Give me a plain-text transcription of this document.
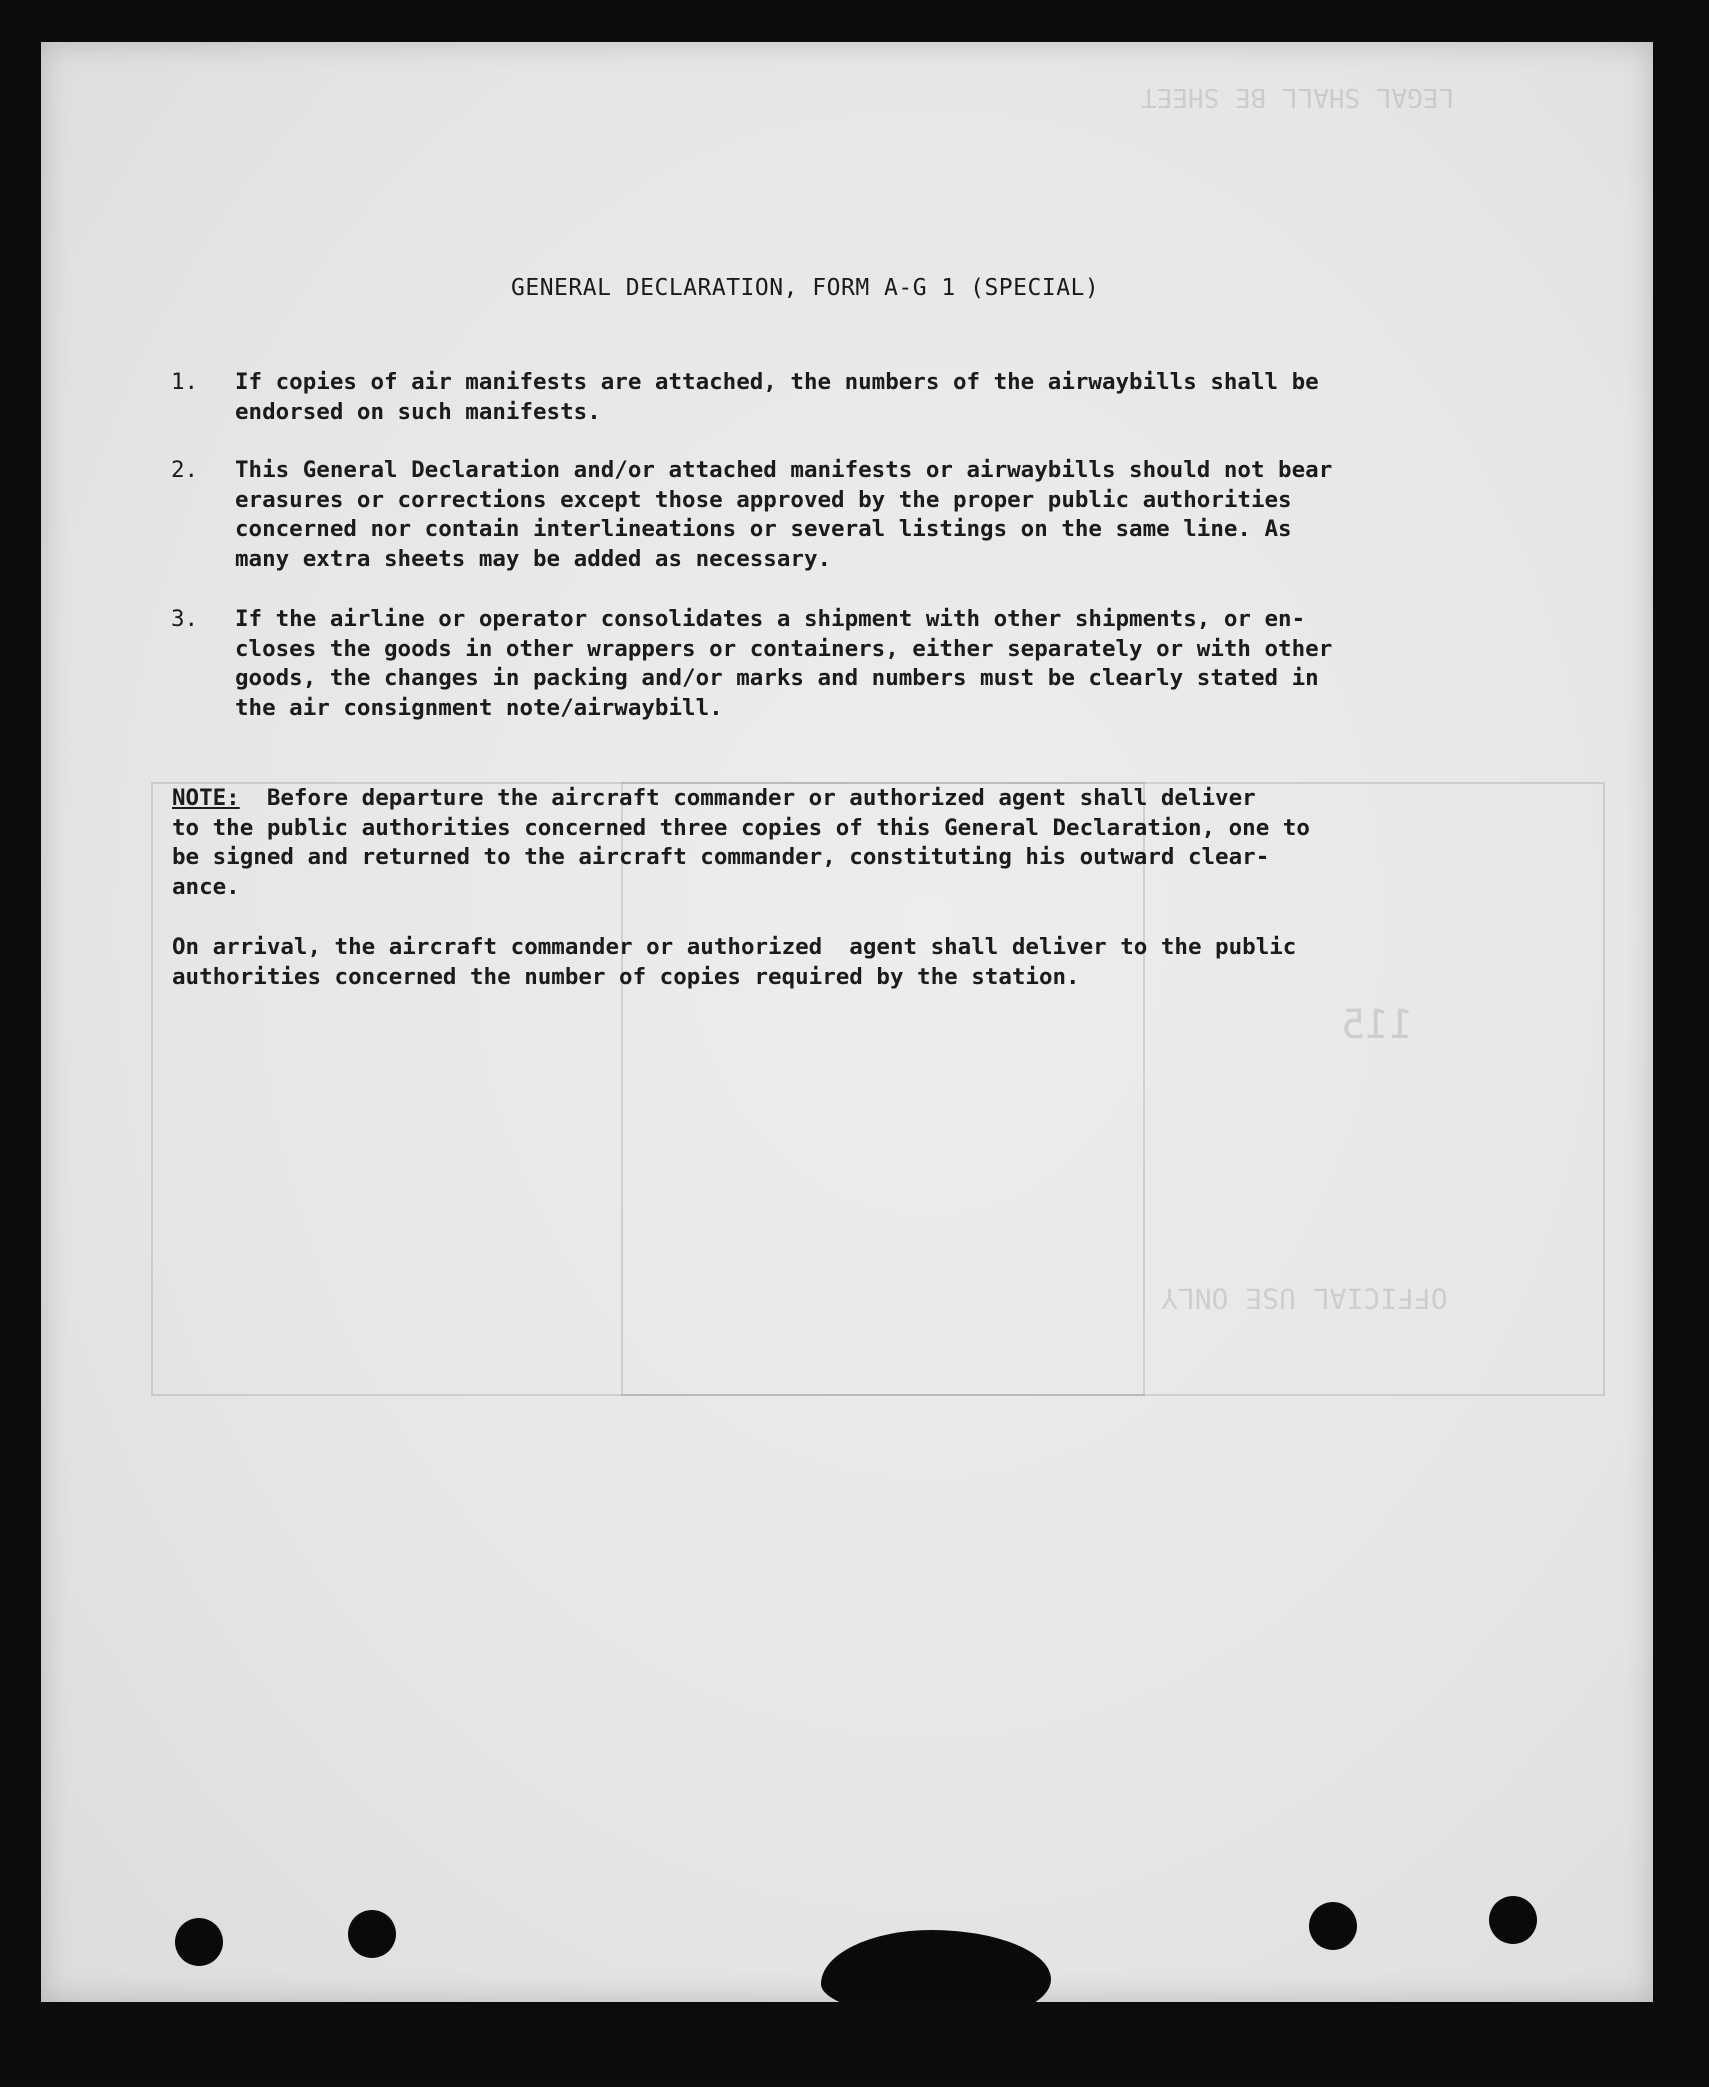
115
OFFICIAL USE ONLY
LEGAL SHALL BE SHEET
GENERAL DECLARATION, FORM A-G 1 (SPECIAL)
1. If copies of air manifests are attached, the numbers of the airwaybills shall be
endorsed on such manifests.
2. This General Declaration and/or attached manifests or airwaybills should not bear
erasures or corrections except those approved by the proper public authorities
concerned nor contain interlineations or several listings on the same line. As
many extra sheets may be added as necessary.
3. If the airline or operator consolidates a shipment with other shipments, or en-
closes the goods in other wrappers or containers, either separately or with other
goods, the changes in packing and/or marks and numbers must be clearly stated in
the air consignment note/airwaybill.
NOTE:  Before departure the aircraft commander or authorized agent shall deliver
to the public authorities concerned three copies of this General Declaration, one to
be signed and returned to the aircraft commander, constituting his outward clear-
ance.
On arrival, the aircraft commander or authorized  agent shall deliver to the public
authorities concerned the number of copies required by the station.
